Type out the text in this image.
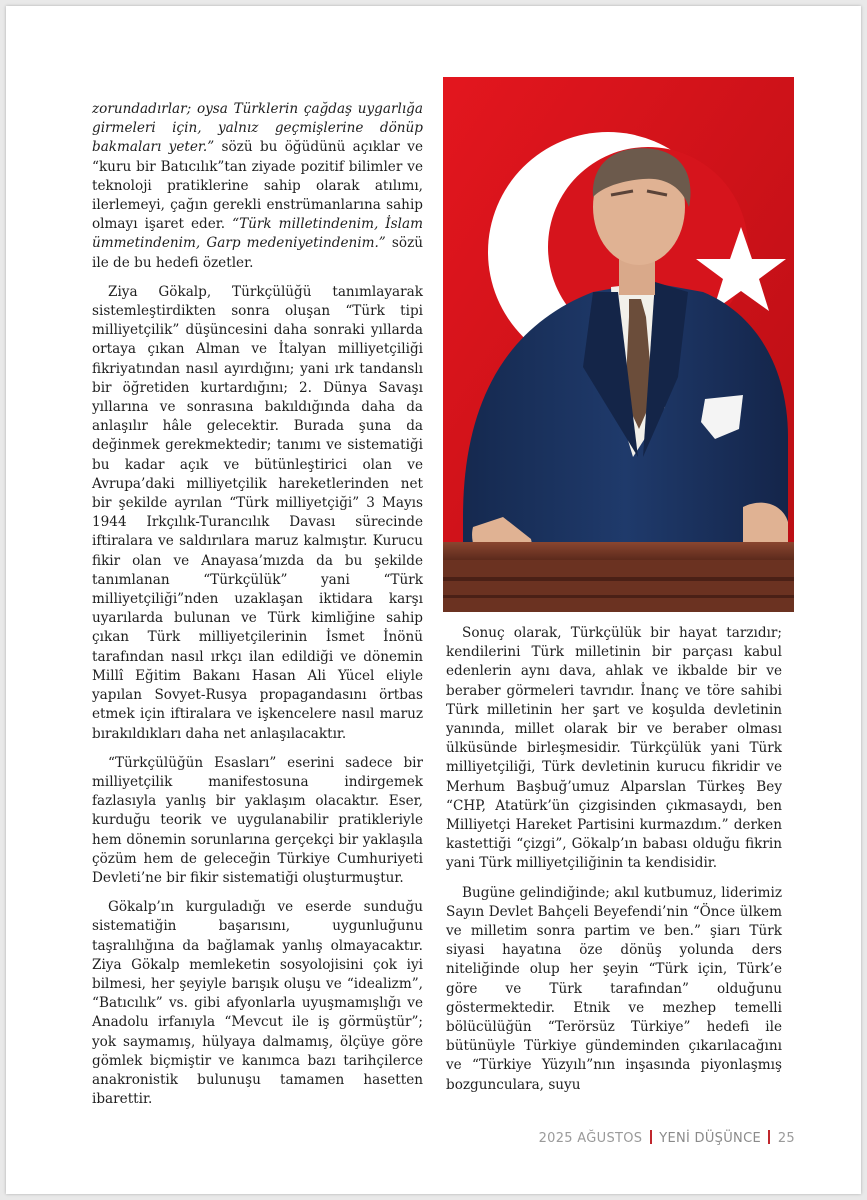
zorundadırlar; oysa Türklerin çağdaş uygarlığa girmeleri için, yalnız geçmişlerine dönüp bakmaları yeter.” sözü bu öğüdünü açıklar ve “kuru bir Batıcılık”tan ziyade pozitif bilimler ve teknoloji pratiklerine sahip olarak atılımı, ilerlemeyi, çağın gerekli enstrümanlarına sahip olmayı işaret eder. “Türk milletindenim, İslam ümmetindenim, Garp medeniyetindenim.” sözü ile de bu hedefi özetler.

Ziya Gökalp, Türkçülüğü tanımlayarak sistemleştirdikten sonra oluşan “Türk tipi milliyetçilik” düşüncesini daha sonraki yıllarda ortaya çıkan Alman ve İtalyan milliyetçiliği fikriyatından nasıl ayırdığını; yani ırk tandanslı bir öğretiden kurtardığını; 2. Dünya Savaşı yıllarına ve sonrasına bakıldığında daha da anlaşılır hâle gelecektir. Burada şuna da değinmek gerekmektedir; tanımı ve sistematiği bu kadar açık ve bütünleştirici olan ve Avrupa’daki milliyetçilik hareketlerinden net bir şekilde ayrılan “Türk milliyetçiği” 3 Mayıs 1944 Irkçılık-Turancılık Davası sürecinde iftiralara ve saldırılara maruz kalmıştır. Kurucu fikir olan ve Anayasa’mızda da bu şekilde tanımlanan “Türkçülük” yani “Türk milliyetçiliği”nden uzaklaşan iktidara karşı uyarılarda bulunan ve Türk kimliğine sahip çıkan Türk milliyetçilerinin İsmet İnönü tarafından nasıl ırkçı ilan edildiği ve dönemin Millî Eğitim Bakanı Hasan Ali Yücel eliyle yapılan Sovyet-Rusya propagandasını örtbas etmek için iftiralara ve işkencelere nasıl maruz bırakıldıkları daha net anlaşılacaktır.

“Türkçülüğün Esasları” eserini sadece bir milliyetçilik manifestosuna indirgemek fazlasıyla yanlış bir yaklaşım olacaktır. Eser, kurduğu teorik ve uygulanabilir pratikleriyle hem dönemin sorunlarına gerçekçi bir yaklaşıla çözüm hem de geleceğin Türkiye Cumhuriyeti Devleti’ne bir fikir sistematiği oluşturmuştur.

Gökalp’ın kurguladığı ve eserde sunduğu sistematiğin başarısını, uygunluğunu taşralılığına da bağlamak yanlış olmayacaktır. Ziya Gökalp memleketin sosyolojisini çok iyi bilmesi, her şeyiyle barışık oluşu ve “idealizm”, “Batıcılık” vs. gibi afyonlarla uyuşmamışlığı ve Anadolu irfanıyla “Mevcut ile iş görmüştür”; yok saymamış, hülyaya dalmamış, ölçüye göre gömlek biçmiştir ve kanımca bazı tarihçilerce anakronistik bulunuşu tamamen hasetten ibarettir.

Sonuç olarak, Türkçülük bir hayat tarzıdır; kendilerini Türk milletinin bir parçası kabul edenlerin aynı dava, ahlak ve ikbalde bir ve beraber görmeleri tavrıdır. İnanç ve töre sahibi Türk milletinin her şart ve koşulda devletinin yanında, millet olarak bir ve beraber olması ülküsünde birleşmesidir. Türkçülük yani Türk milliyetçiliği, Türk devletinin kurucu fikridir ve Merhum Başbuğ’umuz Alparslan Türkeş Bey “CHP, Atatürk’ün çizgisinden çıkmasaydı, ben Milliyetçi Hareket Partisini kurmazdım.” derken kastettiği “çizgi”, Gökalp’ın babası olduğu fikrin yani Türk milliyetçiliğinin ta kendisidir.

Bugüne gelindiğinde; akıl kutbumuz, liderimiz Sayın Devlet Bahçeli Beyefendi’nin “Önce ülkem ve milletim sonra partim ve ben.” şiarı Türk siyasi hayatına öze dönüş yolunda ders niteliğinde olup her şeyin “Türk için, Türk’e göre ve Türk tarafından” olduğunu göstermektedir. Etnik ve mezhep temelli bölücülüğün “Terörsüz Türkiye” hedefi ile bütünüyle Türkiye gündeminden çıkarılacağını ve “Türkiye Yüzyılı”nın inşasında piyonlaşmış bozgunculara, suyu

2025 AĞUSTOS YENİ DÜŞÜNCE 25
